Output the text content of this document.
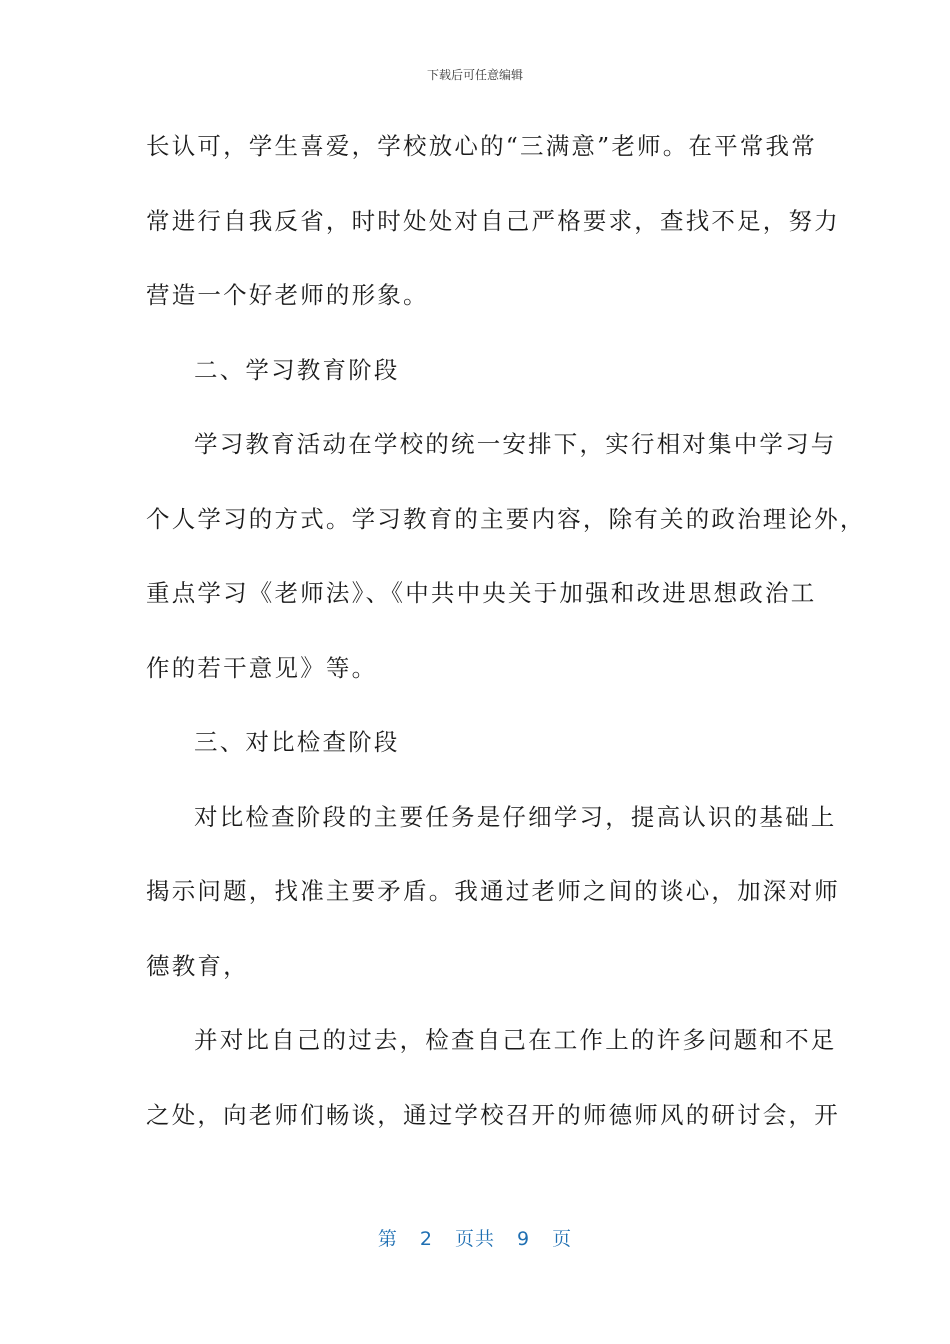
下载后可任意编辑
长认可，学生喜爱，学校放心的“三满意”老师。在平常我常
常进行自我反省，时时处处对自己严格要求，查找不足，努力
营造一个好老师的形象。
二、学习教育阶段
学习教育活动在学校的统一安排下，实行相对集中学习与
个人学习的方式。学习教育的主要内容，除有关的政治理论外，
重点学习《老师法》、《中共中央关于加强和改进思想政治工
作的若干意见》等。
三、对比检查阶段
对比检查阶段的主要任务是仔细学习，提高认识的基础上
揭示问题，找准主要矛盾。我通过老师之间的谈心，加深对师
德教育，
并对比自己的过去，检查自己在工作上的许多问题和不足
之处，向老师们畅谈，通过学校召开的师德师风的研讨会，开
第 2 页共 9 页
